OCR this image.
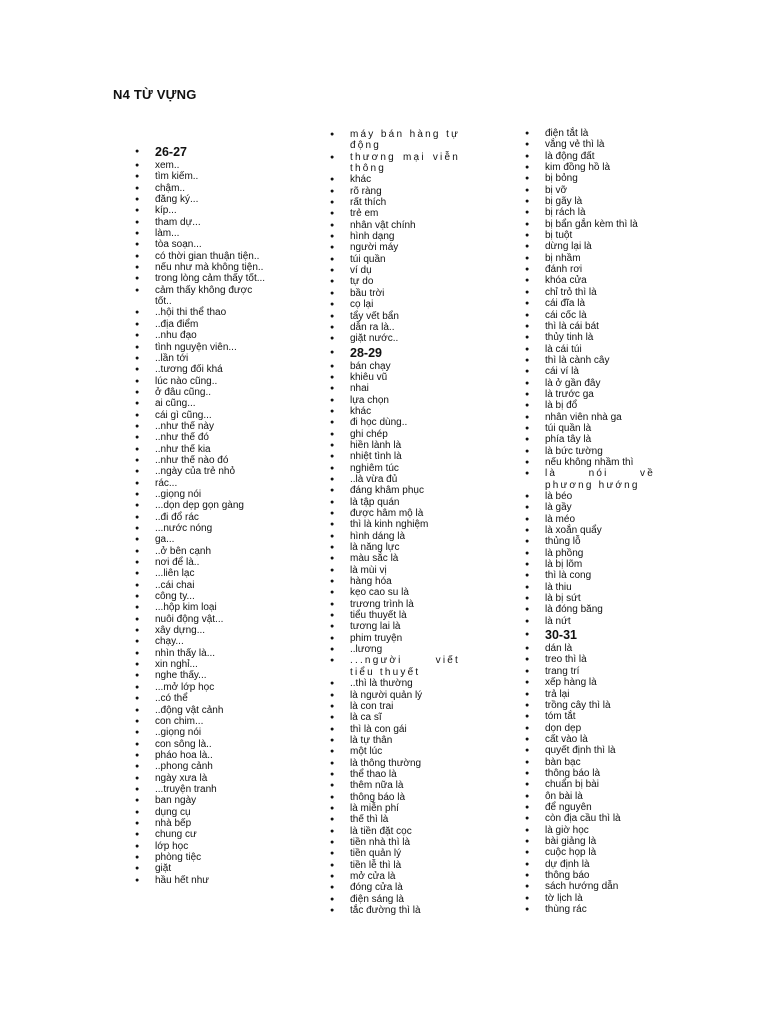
N4 TỪ VỰNG
● 26-27
● xem..
● tìm kiếm..
● chậm..
● đăng ký...
● kíp...
● tham dự...
● làm...
● tòa soạn...
● có thời gian thuận tiện..
● nếu như mà không tiện..
● trong lòng cảm thấy tốt...
● cảm thấy không được tốt..
● ..hội thi thể thao
● ..địa điểm
● ..nhu đạo
● tình nguyện viên...
● ..lần tới
● ..tương đối khá
● lúc nào cũng..
● ở đâu cũng..
● ai cũng...
● cái gì cũng...
● ..như thế này
● ..như thế đó
● ..như thế kia
● ..như thế nào đó
● ..ngày của trẻ nhỏ
● rác...
● ..giọng nói
● ...dọn dẹp gọn gàng
● ..đi đổ rác
● ...nước nóng
● ga...
● ..ở bên cạnh
● nơi để là..
● ...liên lạc
● ..cái chai
● công ty...
● ...hộp kim loại
● nuôi động vật...
● xây dựng...
● chạy...
● nhìn thấy là...
● xin nghỉ...
● nghe thấy...
● ...mở lớp học
● ..có thể
● ..động vật cảnh
● con chim...
● ..giọng nói
● con sông là..
● pháo hoa là..
● ..phong cảnh
● ngày xưa là
● ...truyện tranh
● ban ngày
● dụng cụ
● nhà bếp
● chung cư
● lớp học
● phòng tiệc
● giặt
● hầu hết như
● máy bán hàng tự động
● thương mại viễn thông
● khác
● rõ ràng
● rất thích
● trẻ em
● nhân vật chính
● hình dạng
● người máy
● túi quần
● ví dụ
● tự do
● bầu trời
● cọ lại
● tẩy vết bẩn
● dẫn ra là..
● giặt nước..
● 28-29
● bán chạy
● khiêu vũ
● nhai
● lựa chọn
● khác
● đi học dùng..
● ghi chép
● hiền lành là
● nhiệt tình là
● nghiêm túc
● ..là vừa đủ
● đáng khâm phục
● là tập quán
● được hâm mộ là
● thì là kinh nghiệm
● hình dáng là
● là năng lực
● màu sắc là
● là mùi vị
● hàng hóa
● kẹo cao su là
● trương trình là
● tiểu thuyết là
● tương lai là
● phim truyện
● ..lương
● ...người viết tiểu thuyết
● ..thì là thường
● là người quản lý
● là con trai
● là ca sĩ
● thì là con gái
● là tự thân
● một lúc
● là thông thường
● thể thao là
● thêm nữa là
● thông báo là
● là miễn phí
● thế thì là
● là tiền đặt cọc
● tiền nhà thì là
● tiền quản lý
● tiền lễ thì là
● mở cửa là
● đóng cửa là
● điện sáng là
● tắc đường thì là
● điện tắt là
● vắng vẻ thì là
● là động đất
● kim đồng hồ là
● bị bỏng
● bị vỡ
● bị gãy là
● bị rách là
● bị bẩn gắn kèm thì là
● bị tuột
● dừng lại là
● bị nhầm
● đánh rơi
● khóa cửa
● chỉ trỏ thì là
● cái đĩa là
● cái cốc là
● thì là cái bát
● thủy tinh là
● là cái túi
● thì là cành cây
● cái ví là
● là ở gần đây
● là trước ga
● là bị đổ
● nhân viên nhà ga
● túi quần là
● phía tây là
● là bức tường
● nếu không nhầm thì
● là nói về phương hướng
● là béo
● là gầy
● là méo
● là xoắn quẩy
● thủng lỗ
● là phồng
● là bị lõm
● thì là cong
● là thiu
● là bị sứt
● là đóng băng
● là nứt
● 30-31
● dán là
● treo thì là
● trang trí
● xếp hàng là
● trả lại
● trồng cây thì là
● tóm tắt
● dọn dẹp
● cất vào là
● quyết định thì là
● bàn bạc
● thông báo là
● chuẩn bị bài
● ôn bài là
● để nguyên
● còn địa cầu thì là
● là giờ học
● bài giảng là
● cuộc họp là
● dự định là
● thông báo
● sách hướng dẫn
● tờ lịch là
● thùng rác
